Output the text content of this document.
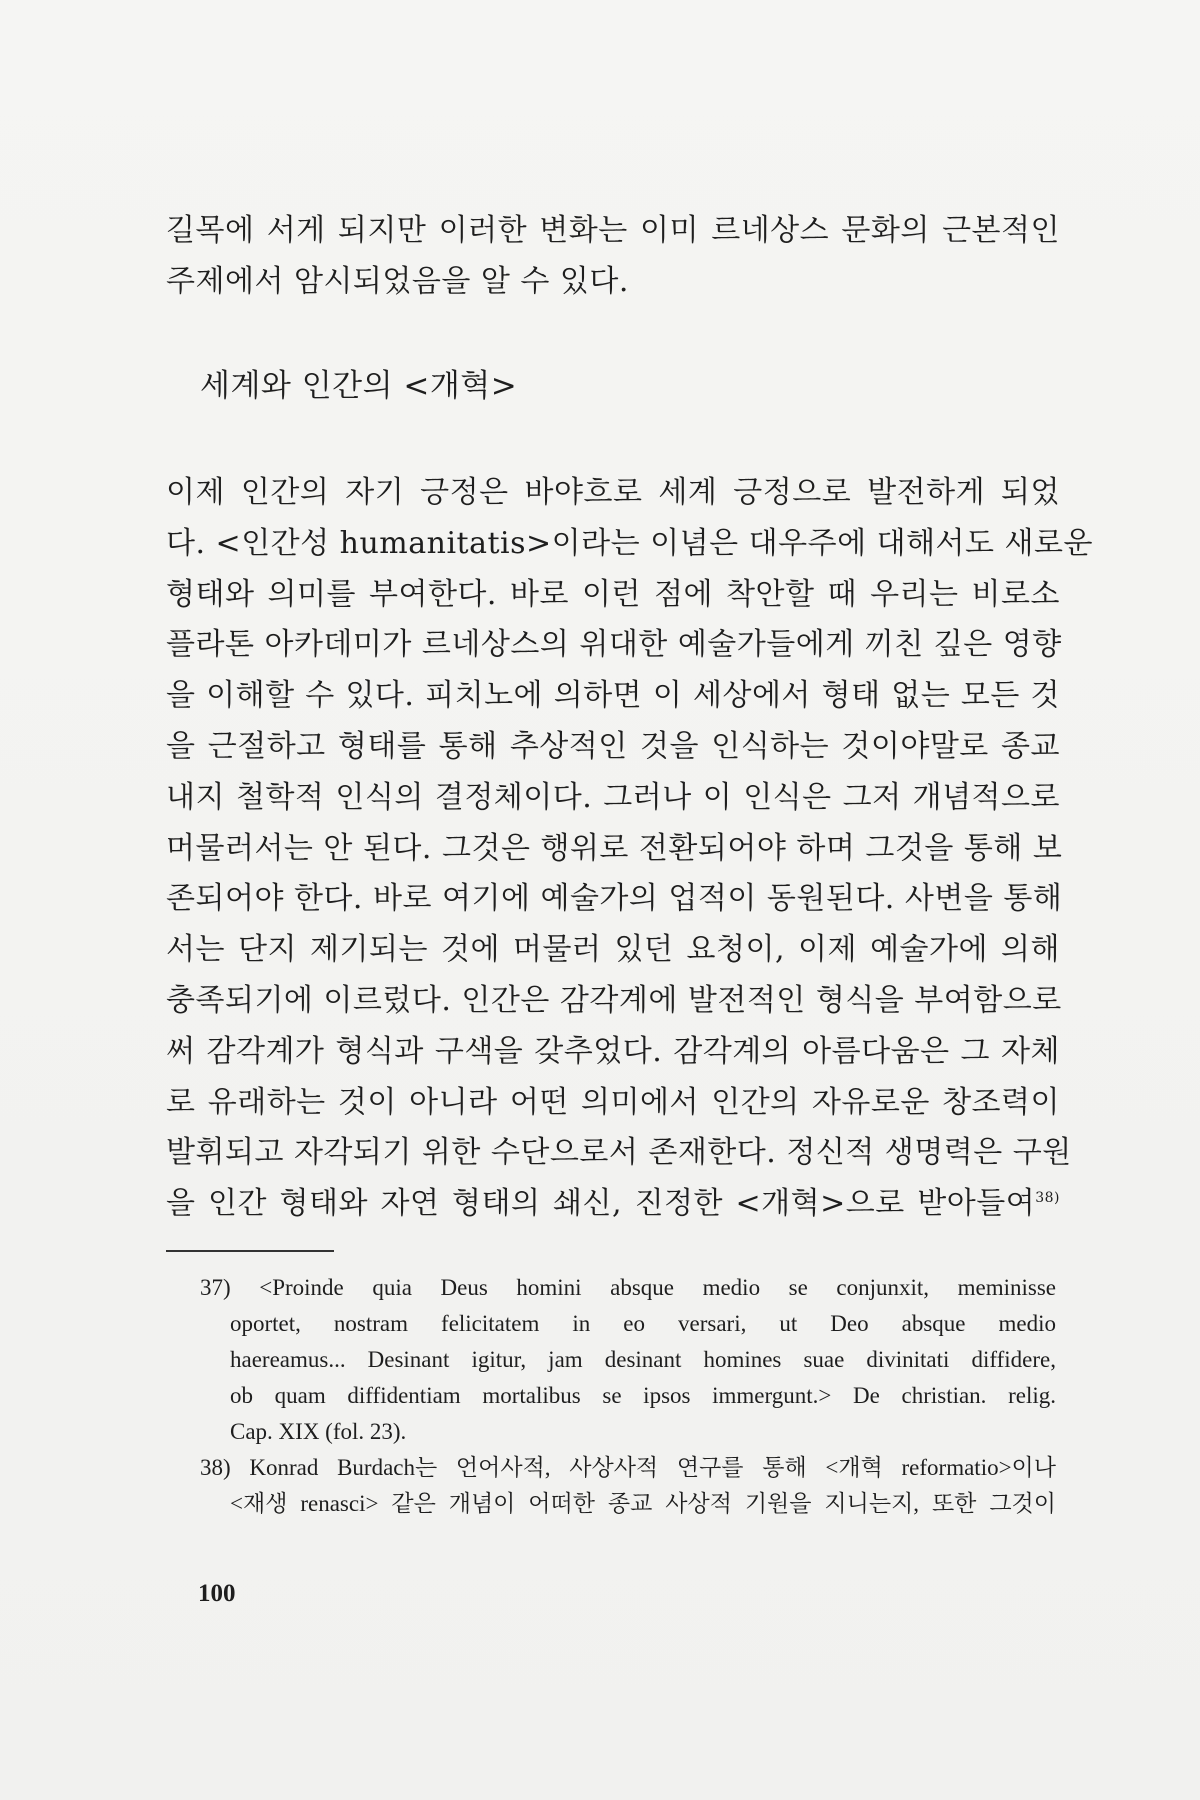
길목에 서게 되지만 이러한 변화는 이미 르네상스 문화의 근본적인
주제에서 암시되었음을 알 수 있다.
세계와 인간의 <개혁>
이제 인간의 자기 긍정은 바야흐로 세계 긍정으로 발전하게 되었
다. <인간성 humanitatis>이라는 이념은 대우주에 대해서도 새로운
형태와 의미를 부여한다. 바로 이런 점에 착안할 때 우리는 비로소
플라톤 아카데미가 르네상스의 위대한 예술가들에게 끼친 깊은 영향
을 이해할 수 있다. 피치노에 의하면 이 세상에서 형태 없는 모든 것
을 근절하고 형태를 통해 추상적인 것을 인식하는 것이야말로 종교
내지 철학적 인식의 결정체이다. 그러나 이 인식은 그저 개념적으로
머물러서는 안 된다. 그것은 행위로 전환되어야 하며 그것을 통해 보
존되어야 한다. 바로 여기에 예술가의 업적이 동원된다. 사변을 통해
서는 단지 제기되는 것에 머물러 있던 요청이, 이제 예술가에 의해
충족되기에 이르렀다. 인간은 감각계에 발전적인 형식을 부여함으로
써 감각계가 형식과 구색을 갖추었다. 감각계의 아름다움은 그 자체
로 유래하는 것이 아니라 어떤 의미에서 인간의 자유로운 창조력이
발휘되고 자각되기 위한 수단으로서 존재한다. 정신적 생명력은 구원
을 인간 형태와 자연 형태의 쇄신, 진정한 <개혁>으로 받아들여$^{38)}$
37) <Proinde quia Deus homini absque medio se conjunxit, meminisse
oportet, nostram felicitatem in eo versari, ut Deo absque medio
haereamus... Desinant igitur, jam desinant homines suae divinitati diffidere,
ob quam diffidentiam mortalibus se ipsos immergunt.> De christian. relig.
Cap. XIX (fol. 23).
38) Konrad Burdach는 언어사적, 사상사적 연구를 통해 <개혁 reformatio>이나
<재생 renasci> 같은 개념이 어떠한 종교 사상적 기원을 지니는지, 또한 그것이
100
